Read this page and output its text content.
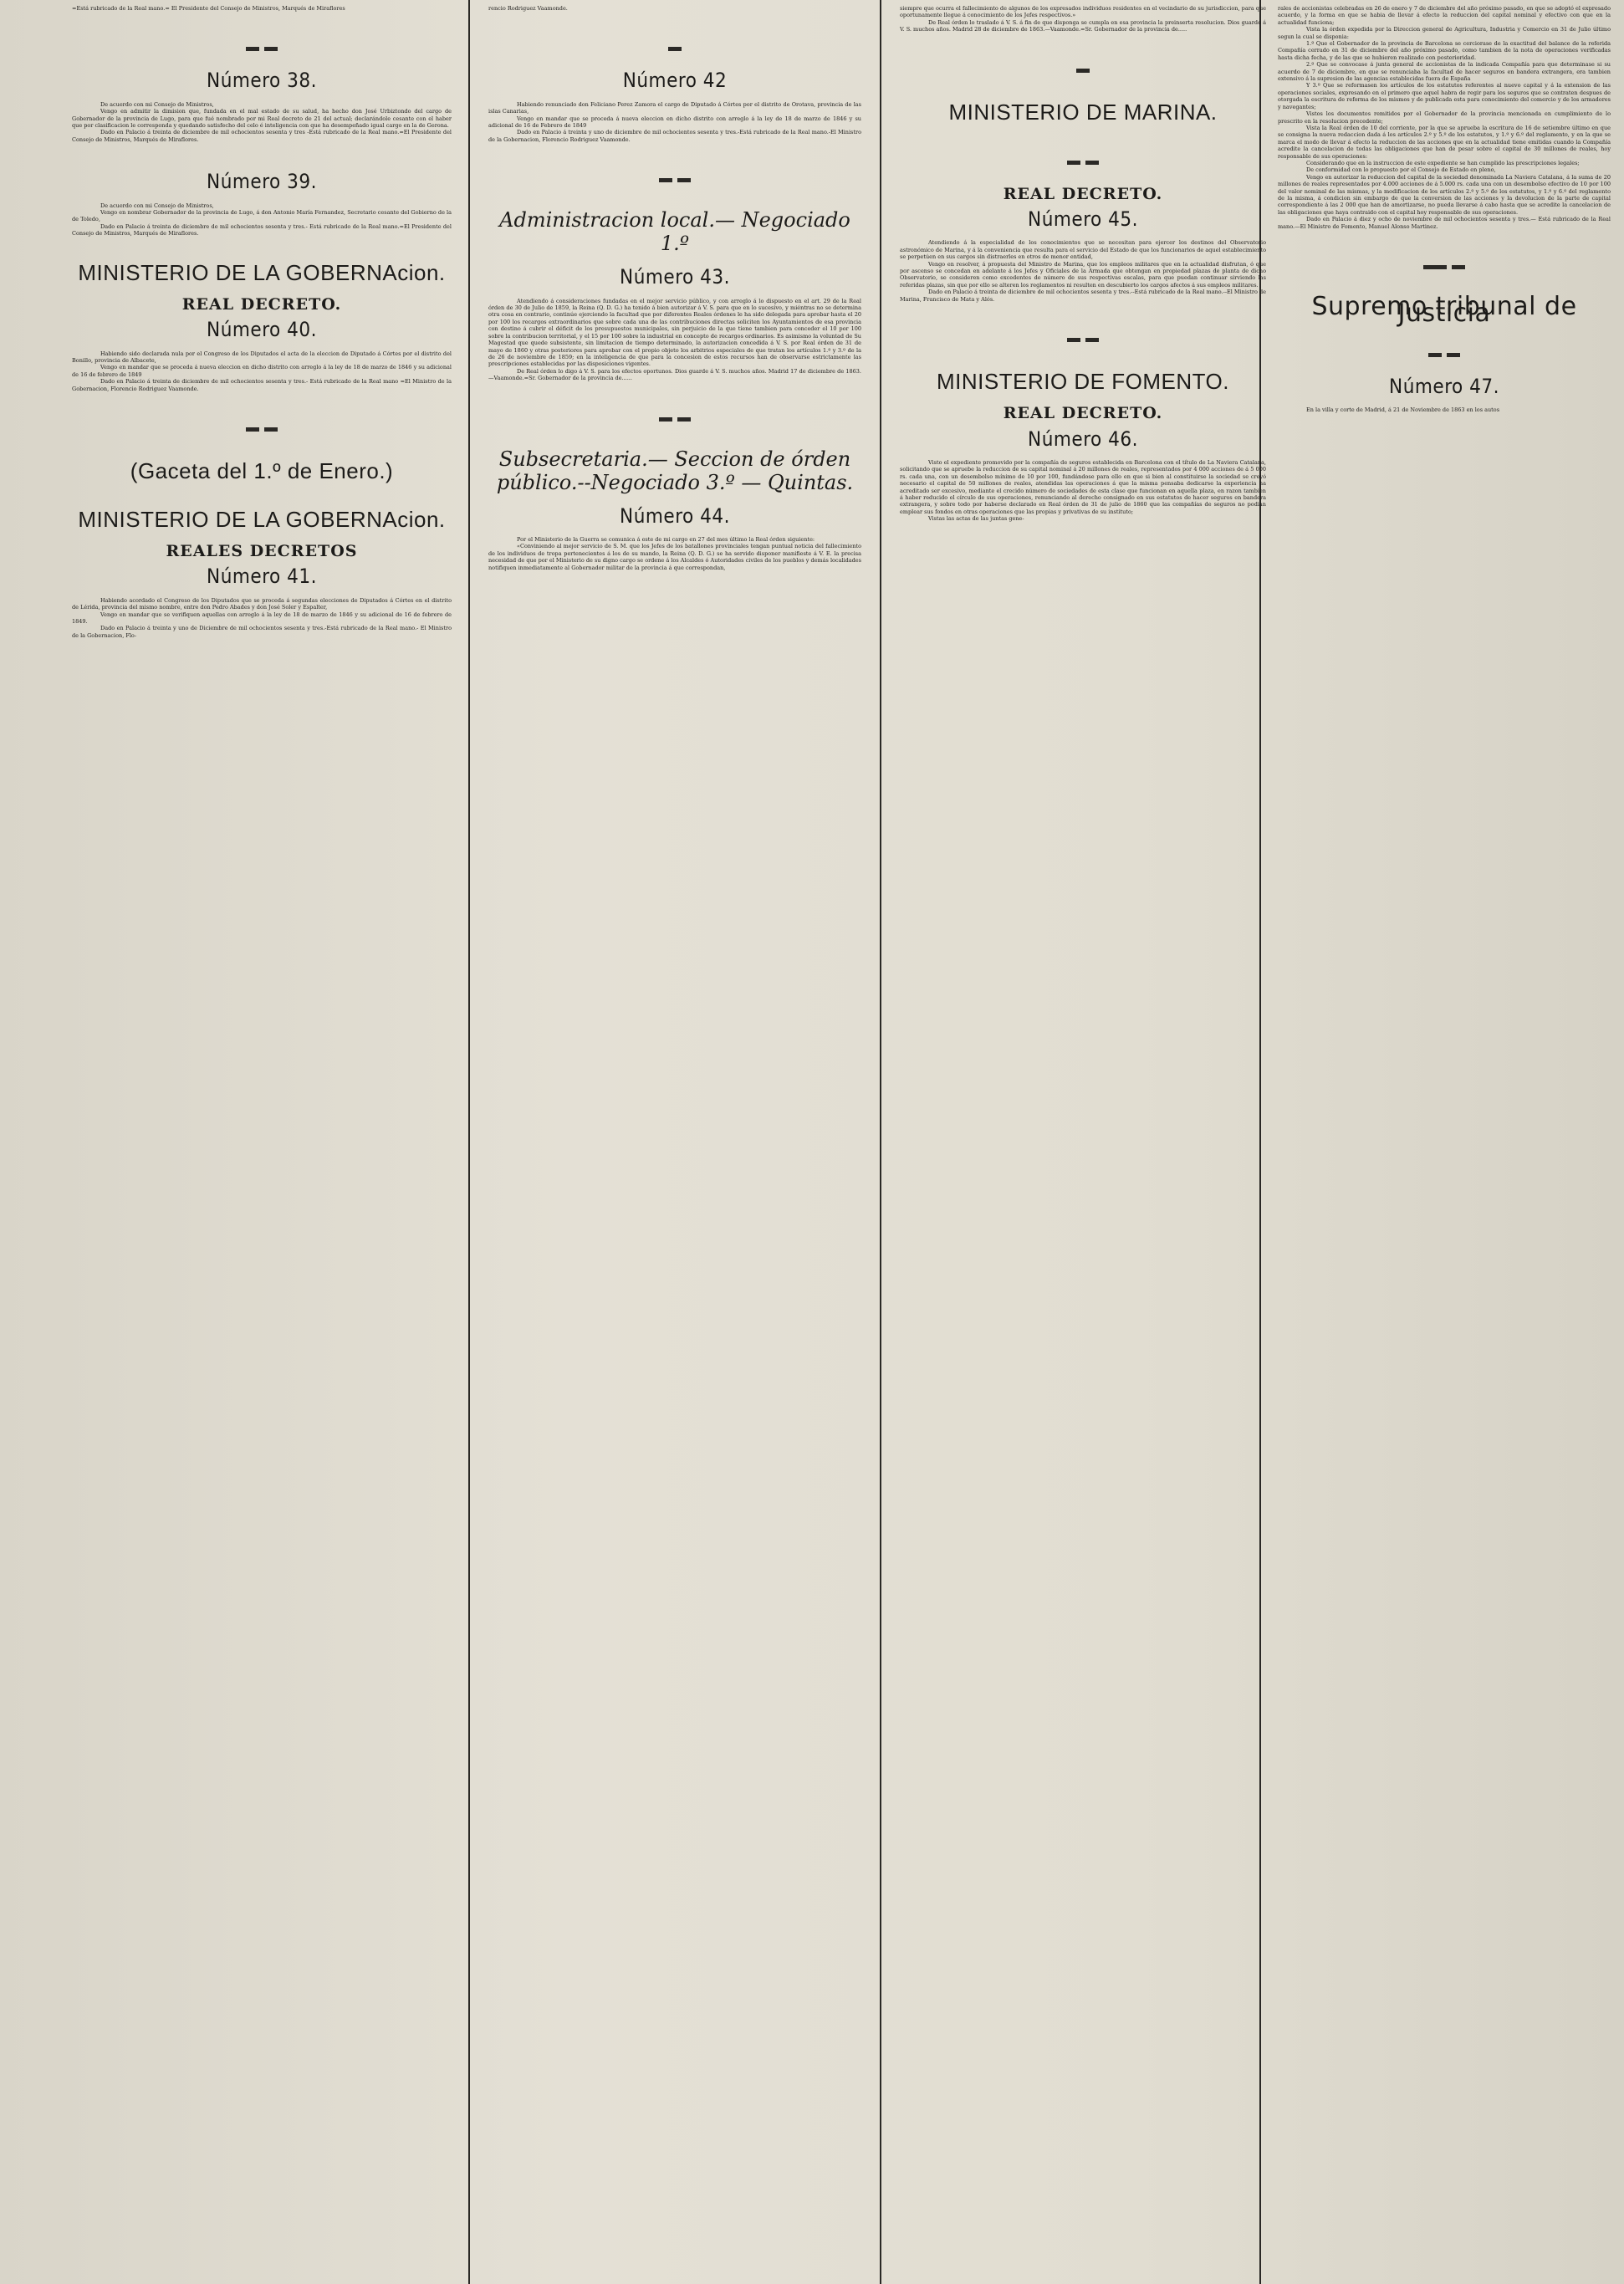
=Está rubricado de la Real mano.= El Presidente del Consejo de Ministros, Marqués de Miraflores

Número 38.

De acuerdo con mi Consejo de Ministros,

Vengo en admitir la dimision que, fundada en el mal estado de su salud, ha hecho don José Urbiztondo del cargo de Gobernador de la provincia de Lugo, para que fué nombrado por mi Real decreto de 21 del actual; declarándole cesante con el haber que por clasificacion le corresponda y quedando satisfecho del celo é inteligencia con que ha desempeñado igual cargo en la de Gerona.

Dado en Palacio á treinta de diciembre de mil ochocientos sesenta y tres -Está rubricado de la Real mano.=El Presidente del Consejo de Ministros, Marqués de Miraflores.

Número 39.

De acuerdo con mi Consejo de Ministros,

Vengo en nombrar Gobernador de la provincia de Lugo, á don Antonio María Fernandez, Secretario cesante del Gobierno de la de Toledo,

Dado en Palacio á treinta de diciembre de mil ochocientos sesenta y tres.- Está rubricado de la Real mano.=El Presidente del Consejo de Ministros, Marqués de Miraflores.

MINISTERIO DE LA GOBERNAcion.
REAL DECRETO.
Número 40.

Habiendo sido declarada nula por el Congreso de los Diputados el acta de la eleccion de Diputado á Córtes por el distrito del Bonillo, provincia de Albacete,

Vengo en mandar que se proceda á nueva eleccion en dicho distrito con arreglo á la ley de 18 de marzo de 1846 y su adicional de 16 de febrero de 1849

Dado en Palacio á treinta de diciembre de mil ochocientos sesenta y tres.- Está rubricado de la Real mano =El Ministro de la Gobernacion, Florencio Rodriguez Vaamonde.

(Gaceta del 1.º de Enero.)
MINISTERIO DE LA GOBERNAcion.
REALES DECRETOS
Número 41.

Habiendo acordado el Congreso de los Diputados que se proceda á segundas elecciones de Diputados á Córtes en el distrito de Lérida, provincia del mismo nombre, entre don Pedro Abades y don José Soler y Espalter,

Vengo en mandar que se verifiquen aquellas con arreglo á la ley de 18 de marzo de 1846 y su adicional de 16 de febrero de 1849.

Dado en Palacio á treinta y uno de Diciembre de mil ochocientos sesenta y tres.-Está rubricado de la Real mano.- El Ministro de la Gobernacion, Flo-

rencio Rodriguez Vaamonde.

Número 42

Habiendo renunciado don Feliciano Perez Zamora el cargo de Diputado á Córtes por el distrito de Orotava, provincia de las islas Canarias,

Vengo en mandar que se proceda á nueva eleccion en dicho distrito con arreglo á la ley de 18 de marzo de 1846 y su adicional de 16 de Febrero de 1849

Dado en Palacio á treinta y uno de diciembre de mil ochocientos sesenta y tres.-Está rubricado de la Real mano.-El Ministro de la Gobernacion, Florencio Rodriguez Vaamonde.

Administracion local.— Negociado 1.º
Número 43.

Atendiendo á consideraciones fundadas en el mejor servicio público, y con arreglo á lo dispuesto en el art. 29 de la Real órden de 30 de Julio de 1859, la Reina (Q. D. G.) ha tenido á bien autorizar á V. S. para que en lo sucesivo, y miéntras no se determina otra cosa en contrario, continúe ejerciendo la facultad que por diferentes Reales órdenes le ha sido delegada para aprobar hasta el 20 por 100 los recargos extraordinarios que sobre cada una de las contribuciones directas soliciten los Ayuntamientos de esa provincia con destino á cubrir el déficit de los presupuestos municipales, sin perjuicio de la que tiene tambien para conceder el 10 por 100 sobre la contribucion territorial, y el 15 por 100 sobre la industrial en concepto de recargos ordinarios. Es asimismo la voluntad de Su Magestad que quede subsistente, sin limitacion de tiempo determinado, la autorizacion concedida á V. S. por Real órden de 31 de mayo de 1860 y otras posteriores para aprobar con el propio objeto los arbitrios especiales de que tratan los artículos 1.º y 3.º de la de 26 de noviembre de 1859; en la inteligencia de que para la concesion de estos recursos han de observarse estrictamente las prescripciones establecidas por las disposiciones vigentes.

De Real órden lo digo á V. S. para los efectos oportunos. Dios guarde á V. S. muchos años. Madrid 17 de diciembre de 1863.—Vaamonde.=Sr. Gobernador de la provincia de......

Subsecretaria.— Seccion de órden público.--Negociado 3.º — Quintas.
Número 44.

Por el Ministerio de la Guerra se comunica á este de mi cargo en 27 del mes último la Real órden siguiente:

«Conviniendo al mejor servicio de S. M. que los Jefes de los batallones provinciales tengan puntual noticia del fallecimiento de los individuos de tropa pertenecientes á los de su mando, la Reina (Q. D. G.) se ha servido disponer manifieste á V. E. la precisa necesidad de que por el Ministerio de su digno cargo se ordene á los Alcaldes ó Autoridades civiles de los pueblos y demás localidades notifiquen inmediatamente al Gobernador militar de la provincia á que correspondan,

siempre que ocurra el fallecimiento de algunos de los expresados individuos residentes en el vecindario de su jurisdiccion, para que oportunamente llegue á conocimiento de los Jefes respectivos.»

De Real órden lo traslado á V. S. á fin de que disponga se cumpla en esa provincia la preinserta resolucion. Dios guarde á V. S. muchos años. Madrid 28 de diciembre de 1863.—Vaamonde.=Sr. Gobernador de la provincia de.....

MINISTERIO DE MARINA.
REAL DECRETO.
Número 45.

Atendiendo á la especialidad de los conocimientos que se necesitan para ejercer los destinos del Observatorio astronómico de Marina, y á la conveniencia que resulta para el servicio del Estado de que los funcionarios de aquel establecimiento se perpetúen en sus cargos sin distraerles en otros de menor entidad,

Vengo en resolver, á propuesta del Ministro de Marina, que los empleos militares que en la actualidad disfrutan, ó que por ascenso se concedan en adelante á los Jefes y Oficiales de la Armada que obtengan en propiedad plazas de planta de dicho Observatorio, se consideren como excedentes de número de sus respectivas escalas, para que puedan continuar sirviendo las referidas plazas, sin que por ello se alteren los reglamentos ni resulten en descubierto los cargos afectos á sus empleos militares.

Dado en Palacio á treinta de diciembre de mil ochocientos sesenta y tres.--Está rubricado de la Real mano.--El Ministro de Marina, Francisco de Mata y Alós.

MINISTERIO DE FOMENTO.
REAL DECRETO.
Número 46.

Visto el expediente promovido por la compañía de seguros establecida en Barcelona con el título de La Naviera Catalana, solicitando que se apruebe la reduccion de su capital nominal á 20 millones de reales, representados por 4 000 acciones de á 5 000 rs. cada una, con un desembolso mínimo de 10 por 100, fundándose para ello en que si bien al constituirse la sociedad se creyó necesario el capital de 50 millones de reales, atendidas las operaciones á que la misma pensaba dedicarse la experiencia ha acreditado ser excesivo, mediante el crecido número de sociedades de esta clase que funcionan en aquella plaza, en razon tambien á haber reducido el círculo de sus operaciones, renunciando al derecho consignado en sus estatutos de hacer seguros en bandera extrangera, y sobre todo por haberse declarado en Real órden de 31 de julio de 1860 que las compañías de seguros no podian emplear sus fondos en otras operaciones que las propias y privativas de su instituto;

Vistas las actas de las juntas gene-

rales de accionistas celebradas en 26 de enero y 7 de diciembre del año próximo pasado, en que se adoptó el expresado acuerdo, y la forma en que se habia de llevar á efecto la reduccion del capital nominal y efectivo con que en la actualidad funciona;

Vista la órden expedida por la Direccion general de Agricultura, Industria y Comercio en 31 de Julio último segun la cual se disponia:

1.º Que el Gobernador de la provincia de Barcelona se cerciorase de la exactitud del balance de la referida Compañía cerrado en 31 de diciembre del año próximo pasado, como tambien de la nota de operaciones verificadas hasta dicha fecha, y de las que se hubieren realizado con posterioridad.

2.º Que se convocase á junta general de accionistas de la indicada Compañía para que determinase si su acuerdo de 7 de diciembre, en que se renunciaba la facultad de hacer seguros en bandera extrangera, era tambien extensivo á la supresion de las agencias establecidas fuera de España

Y 3.º Que se reformasen los artículos de los estatutos referentes al nuevo capital y á la extension de las operaciones sociales, expresando en el primero que aquel habra de regir para los seguros que se contraten despues de otorgada la escritura de reforma de los mismos y de publicada esta para conocimiento del comercio y de los armadores y navegantes;

Vistos los documentos remitidos por el Gobernador de la provincia mencionada en cumplimiento de lo prescrito en la resolucion precedente;

Vista la Real órden de 10 del corriente, por la que se aprueba la escritura de 16 de setiembre último en que se consigna la nueva redaccion dada á los artículos 2.º y 5.º de los estatutos, y 1.º y 6.º del reglamento, y en la que se marca el modo de llevar á efecto la reduccion de las acciones que en la actualidad tiene emitidas cuando la Compañía acredite la cancelacion de todas las obligaciones que han de pesar sobre el capital de 30 millones de reales, hoy responsable de sus operaciones:

Considerando que en la instruccion de este expediente se han cumplido las prescripciones legales;

De conformidad con lo propuesto por el Consejo de Estado en pleno,

Vengo en autorizar la reduccion del capital de la sociedad denominada La Naviera Catalana, á la suma de 20 millones de reales representados por 4.000 acciones de á 5.000 rs. cada una con un desembolso efectivo de 10 por 100 del valor nominal de las mismas, y la modificacion de los artículos 2.º y 5.º de los estatutos, y 1.º y 6.º del reglamento de la misma, á condicion sin embargo de que la conversion de las acciones y la devolucion de la parte de capital correspondiente á las 2 000 que han de amortizarse, no pueda llevarse á cabo hasta que se acredite la cancelacion de las obligaciones que haya contraido con el capital hoy responsable de sus operaciones.

Dado en Palacio á diez y ocho de noviembre de mil ochocientos sesenta y tres.— Está rubricado de la Real mano.—El Ministro de Fomento, Manuel Alonso Martinez.

Supremo tribunal de Justicia
Número 47.

En la villa y corte de Madrid, á 21 de Noviembre de 1863 en los autos
